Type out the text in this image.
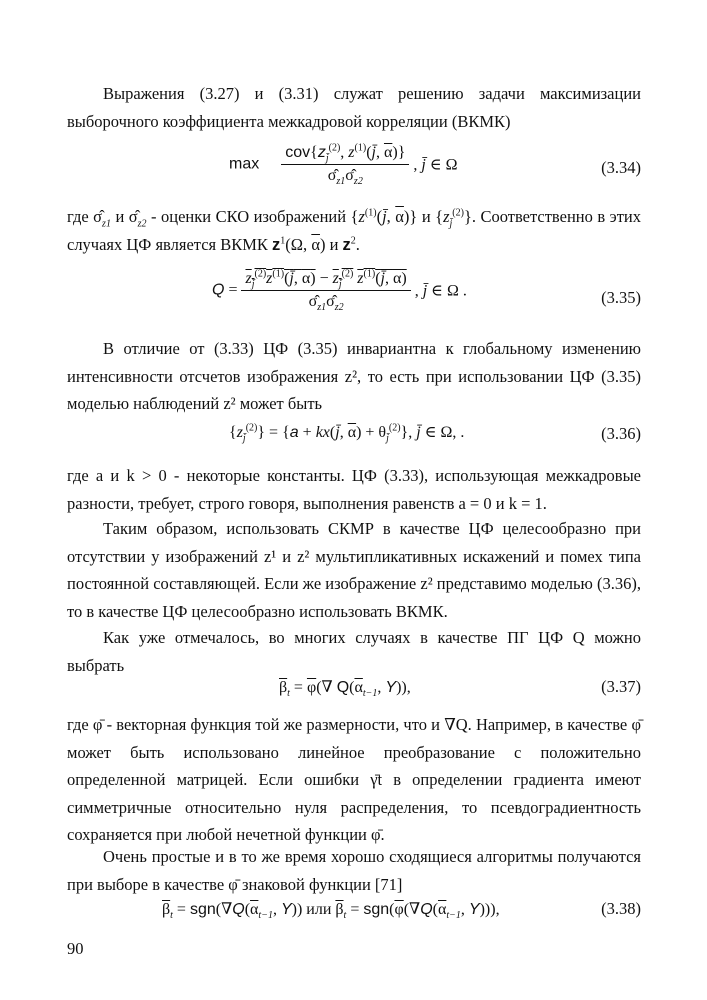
Выражения (3.27) и (3.31) служат решению задачи максимизации выборочного коэффициента межкадровой корреляции (ВКМК)

$\max \frac{cov\{z_{j̄}^{(2)}, z^{(1)}(j̄, \overline{\alpha})\}}{\sigmâ_{z1}\sigmâ_{z2}}$ , j̄ ∈ Ω	(3.34)

где $\sigmâ_{z1}$ и $\sigmâ_{z2}$ - оценки СКО изображений {$z^{(1)}(j̄$, $\overline{\alpha}$)} и $\{z_{j̄}^{(2)}\}$. Соответственно в этих случаях ЦФ является ВКМК $z^1(\Omega$, $\overline{\alpha}$) и $z^2$.

$Q = \frac{z_{j̄}^{(2)}z^{(1)}(j̄, \alpha) - z_{j̄}^{(2)} z^{(1)}(j̄, \alpha)}{\sigmâ_{z1}\sigmâ_{z2}}$ , j̄ ∈ Ω .	(3.35)

В отличие от (3.33) ЦФ (3.35) инвариантна к глобальному изменению интенсивности отсчетов изображения z², то есть при использовании ЦФ (3.35) моделью наблюдений z² может быть

$\{z_{j̄}^{(2)}\} = \{a$ + kx(j̄, $\overline{\alpha}) + \theta_{j̄}^{(2)}$}, j̄ ∈ Ω, .	(3.36)

где a и k > 0 - некоторые константы. ЦФ (3.33), использующая межкадровые разности, требует, строго говоря, выполнения равенств a = 0 и k = 1.

Таким образом, использовать СКМР в качестве ЦФ целесообразно при отсутствии у изображений z¹ и z² мультипликативных искажений и помех типа постоянной составляющей. Если же изображение z² представимо моделью (3.36), то в качестве ЦФ целесообразно использовать ВКМК.

Как уже отмечалось, во многих случаях в качестве ПГ ЦФ Q можно выбрать

$\overline{\beta}_t = \overline{\varphi}(\nabla$ $Q(\overline{\alpha}_{t-1}$, Y)),	(3.37)

где φ̄ - векторная функция той же размерности, что и ∇Q. Например, в качестве φ̄ может быть использовано линейное преобразование с положительно определенной матрицей. Если ошибки γ̄t в определении градиента имеют симметричные относительно нуля распределения, то псевдоградиентность сохраняется при любой нечетной функции φ̄.

Очень простые и в то же время хорошо сходящиеся алгоритмы получаются при выборе в качестве φ̄ знаковой функции [71]

$\overline{\beta}_t = sgn(\nabla Q(\overline{\alpha}_{t-1}$, Y)) или $\overline{\beta}_t = sgn(\overline{\varphi}(\nabla Q(\overline{\alpha}_{t-1}$, Y))),	(3.38)
90
